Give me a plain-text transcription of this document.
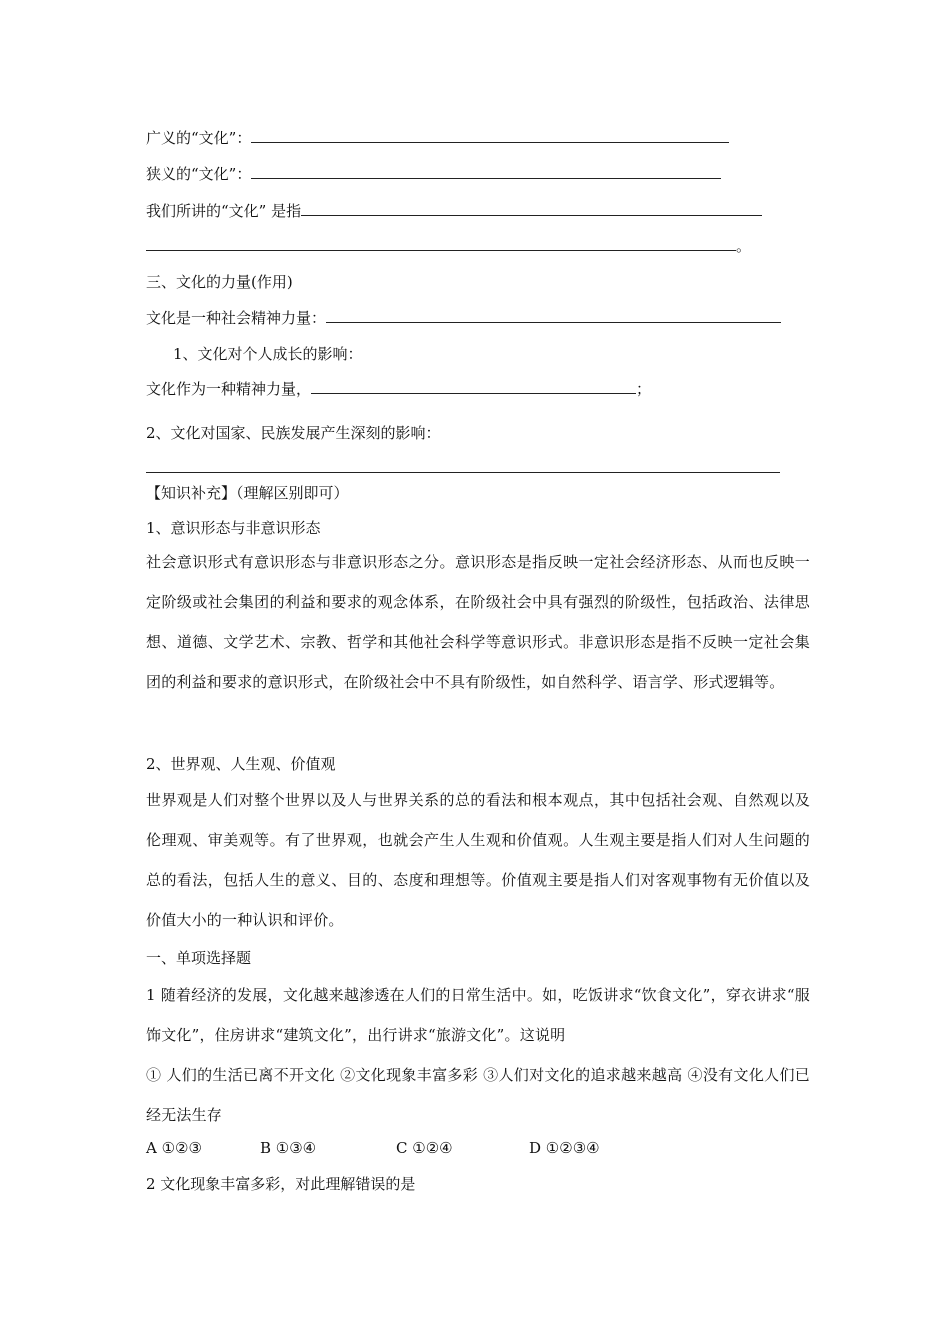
广义的“文化”：
狭义的“文化”：
我们所讲的“文化” 是指
。
三、文化的力量(作用)
文化是一种社会精神力量：
1、文化对个人成长的影响：
文化作为一种精神力量，	；
2、文化对国家、民族发展产生深刻的影响：
【知识补充】（理解区别即可）
1、意识形态与非意识形态
社会意识形式有意识形态与非意识形态之分。意识形态是指反映一定社会经济形态、从而也反映一定阶级或社会集团的利益和要求的观念体系，在阶级社会中具有强烈的阶级性，包括政治、法律思想、道德、文学艺术、宗教、哲学和其他社会科学等意识形式。非意识形态是指不反映一定社会集团的利益和要求的意识形式，在阶级社会中不具有阶级性，如自然科学、语言学、形式逻辑等。
2、世界观、人生观、价值观
世界观是人们对整个世界以及人与世界关系的总的看法和根本观点，其中包括社会观、自然观以及伦理观、审美观等。有了世界观，也就会产生人生观和价值观。人生观主要是指人们对人生问题的总的看法，包括人生的意义、目的、态度和理想等。价值观主要是指人们对客观事物有无价值以及价值大小的一种认识和评价。
一、单项选择题
1 随着经济的发展，文化越来越渗透在人们的日常生活中。如，吃饭讲求“饮食文化”，穿衣讲求“服饰文化”，住房讲求“建筑文化”，出行讲求“旅游文化”。这说明
① 人们的生活已离不开文化 ②文化现象丰富多彩 ③人们对文化的追求越来越高 ④没有文化人们已经无法生存
A ①②③	B ①③④	C ①②④	D ①②③④
2 文化现象丰富多彩，对此理解错误的是
